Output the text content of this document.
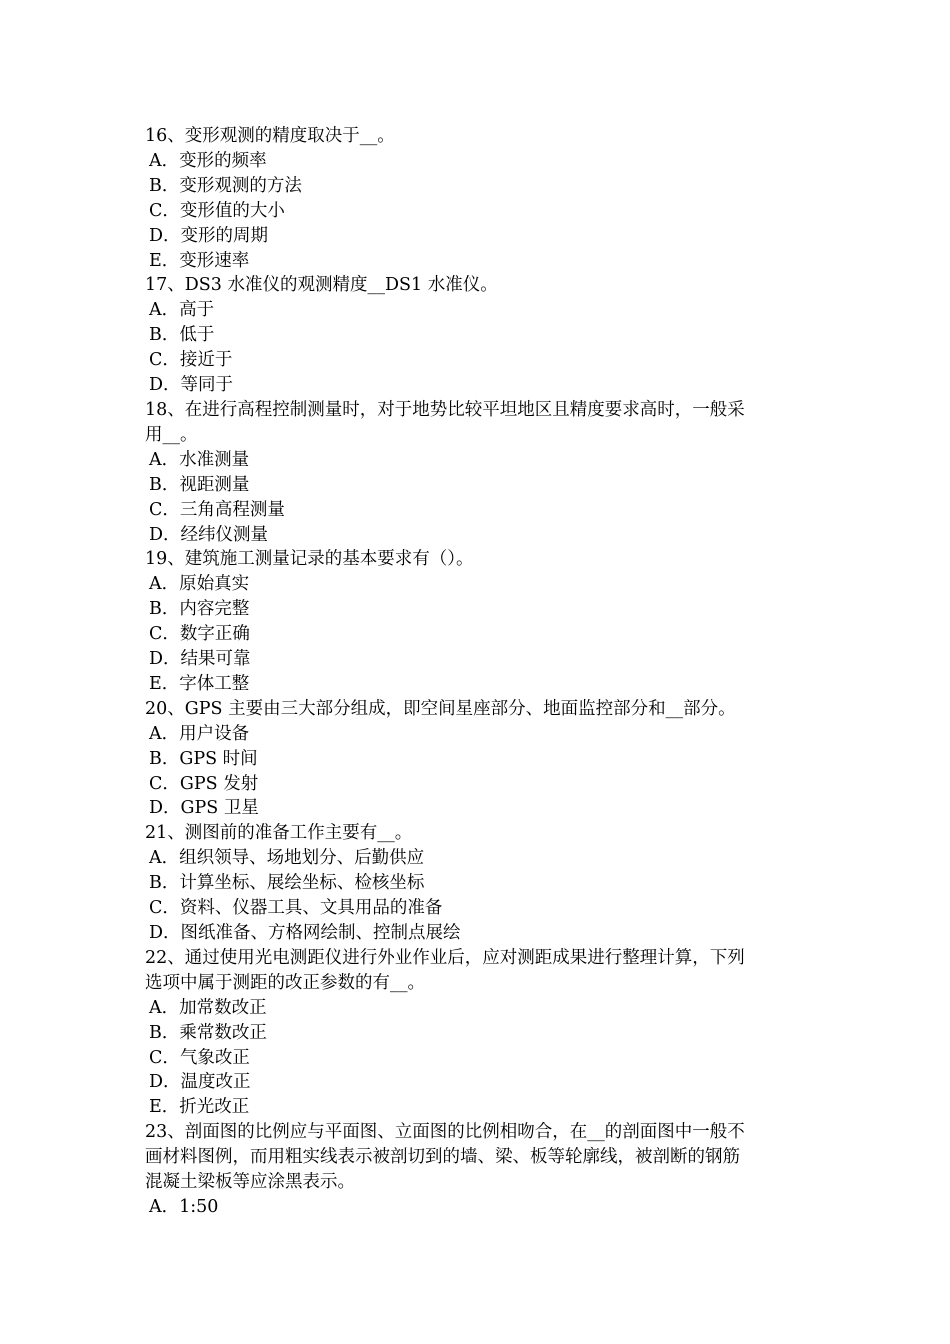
16、变形观测的精度取决于__。
A．变形的频率
B．变形观测的方法
C．变形值的大小
D．变形的周期
E．变形速率
17、DS3 水准仪的观测精度__DS1 水准仪。
A．高于
B．低于
C．接近于
D．等同于
18、在进行高程控制测量时，对于地势比较平坦地区且精度要求高时，一般采
用__。
A．水准测量
B．视距测量
C．三角高程测量
D．经纬仪测量
19、建筑施工测量记录的基本要求有（）。
A．原始真实
B．内容完整
C．数字正确
D．结果可靠
E．字体工整
20、GPS 主要由三大部分组成，即空间星座部分、地面监控部分和__部分。
A．用户设备
B．GPS 时间
C．GPS 发射
D．GPS 卫星
21、测图前的准备工作主要有__。
A．组织领导、场地划分、后勤供应
B．计算坐标、展绘坐标、检核坐标
C．资料、仪器工具、文具用品的准备
D．图纸准备、方格网绘制、控制点展绘
22、通过使用光电测距仪进行外业作业后，应对测距成果进行整理计算，下列
选项中属于测距的改正参数的有__。
A．加常数改正
B．乘常数改正
C．气象改正
D．温度改正
E．折光改正
23、剖面图的比例应与平面图、立面图的比例相吻合，在__的剖面图中一般不
画材料图例，而用粗实线表示被剖切到的墙、梁、板等轮廓线，被剖断的钢筋
混凝土梁板等应涂黑表示。
A．1:50
